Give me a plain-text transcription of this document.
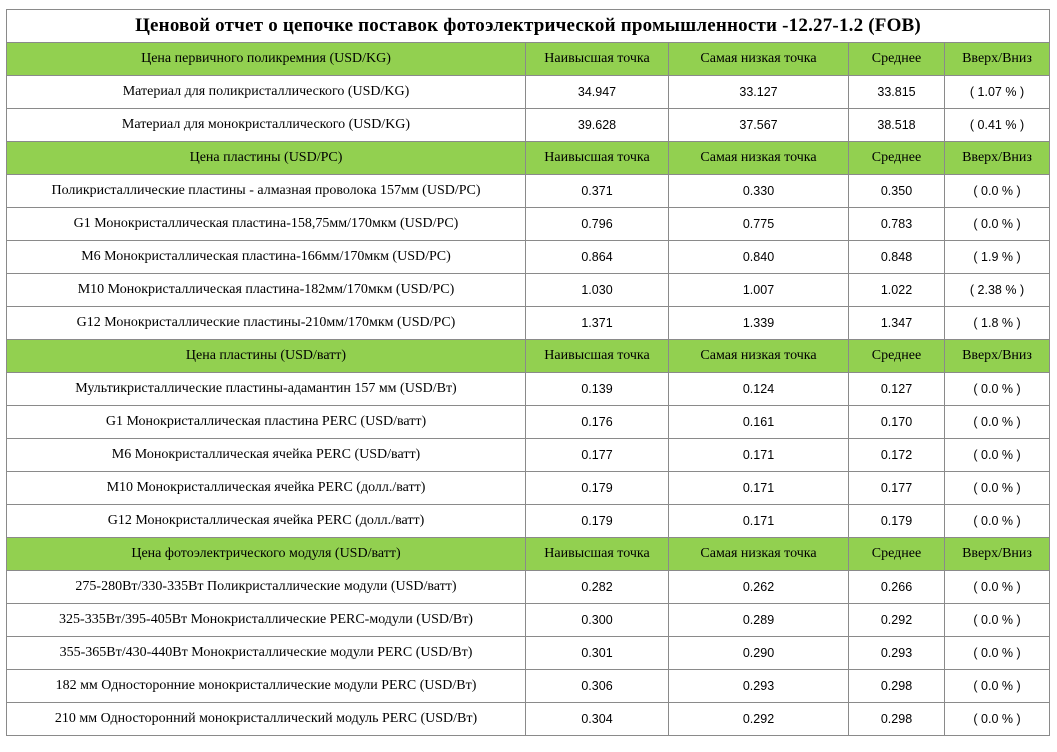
Ценовой отчет о цепочке поставок фотоэлектрической промышленности -12.27-1.2 (FOB)				
Цена первичного поликремния (USD/KG)	Наивысшая точка	Самая низкая точка	Среднее	Вверх/Вниз
Материал для поликристаллического (USD/KG)	34.947	33.127	33.815	( 1.07 % )
Материал для монокристаллического (USD/KG)	39.628	37.567	38.518	( 0.41 % )
Цена пластины (USD/PC)	Наивысшая точка	Самая низкая точка	Среднее	Вверх/Вниз
Поликристаллические пластины - алмазная проволока 157мм (USD/PC)	0.371	0.330	0.350	( 0.0 % )
G1 Монокристаллическая пластина-158,75мм/170мкм (USD/PC)	0.796	0.775	0.783	( 0.0 % )
M6 Монокристаллическая пластина-166мм/170мкм (USD/PC)	0.864	0.840	0.848	( 1.9 % )
M10 Монокристаллическая пластина-182мм/170мкм (USD/PC)	1.030	1.007	1.022	( 2.38 % )
G12 Монокристаллические пластины-210мм/170мкм (USD/PC)	1.371	1.339	1.347	( 1.8 % )
Цена пластины (USD/ватт)	Наивысшая точка	Самая низкая точка	Среднее	Вверх/Вниз
Мультикристаллические пластины-адамантин 157 мм (USD/Вт)	0.139	0.124	0.127	( 0.0 % )
G1 Монокристаллическая пластина PERC (USD/ватт)	0.176	0.161	0.170	( 0.0 % )
M6 Монокристаллическая ячейка PERC (USD/ватт)	0.177	0.171	0.172	( 0.0 % )
M10 Монокристаллическая ячейка PERC (долл./ватт)	0.179	0.171	0.177	( 0.0 % )
G12 Монокристаллическая ячейка PERC (долл./ватт)	0.179	0.171	0.179	( 0.0 % )
Цена фотоэлектрического модуля (USD/ватт)	Наивысшая точка	Самая низкая точка	Среднее	Вверх/Вниз
275-280Вт/330-335Вт Поликристаллические модули (USD/ватт)	0.282	0.262	0.266	( 0.0 % )
325-335Вт/395-405Вт Монокристаллические PERC-модули (USD/Вт)	0.300	0.289	0.292	( 0.0 % )
355-365Вт/430-440Вт Монокристаллические модули PERC (USD/Вт)	0.301	0.290	0.293	( 0.0 % )
182 мм Односторонние монокристаллические модули PERC (USD/Вт)	0.306	0.293	0.298	( 0.0 % )
210 мм Односторонний монокристаллический модуль PERC (USD/Вт)	0.304	0.292	0.298	( 0.0 % )
